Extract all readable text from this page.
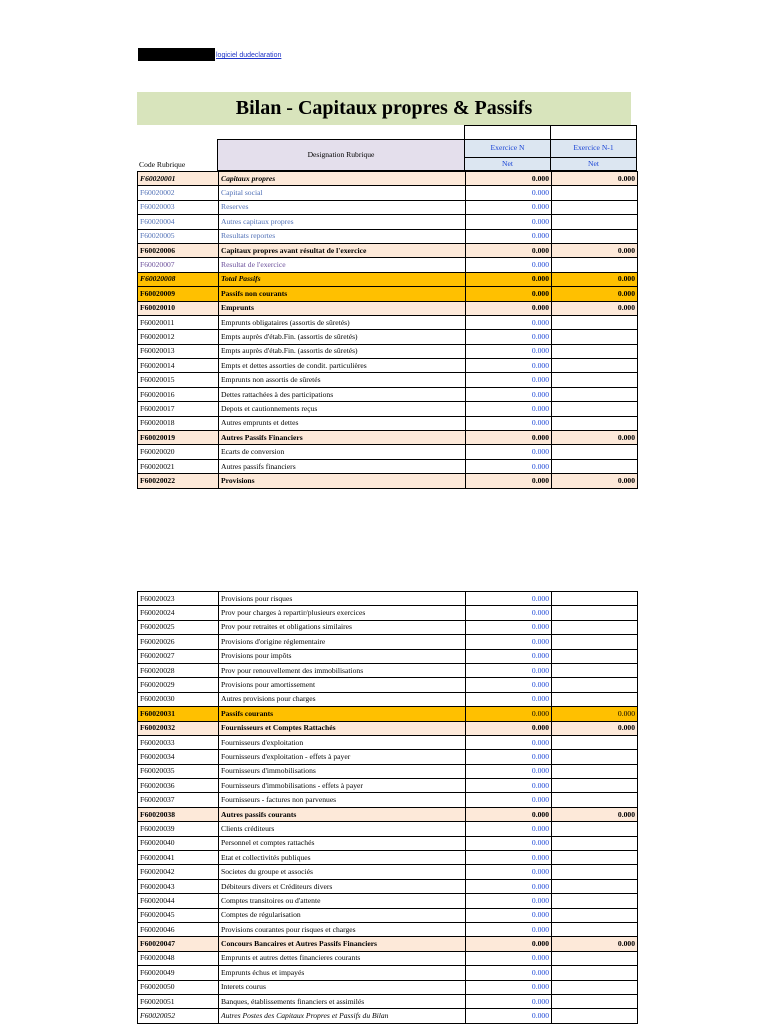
logiciel dudeclaration
Bilan - Capitaux propres & Passifs
Code Rubrique			
	Designation Rubrique	Exercice N	Exercice N-1
		Net	Net
F60020001	Capitaux propres	0.000	0.000
F60020002	Capital social	0.000	
F60020003	Reserves	0.000	
F60020004	Autres capitaux propres	0.000	
F60020005	Resultats reportes	0.000	
F60020006	Capitaux propres avant résultat de l'exercice	0.000	0.000
F60020007	Resultat de l'exercice	0.000	
F60020008	Total Passifs	0.000	0.000
F60020009	Passifs non courants	0.000	0.000
F60020010	Emprunts	0.000	0.000
F60020011	Emprunts obligataires (assortis de sûretés)	0.000	
F60020012	Empts auprès d'étab.Fin. (assortis de sûretés)	0.000	
F60020013	Empts auprès d'étab.Fin. (assortis de sûretés)	0.000	
F60020014	Empts et dettes assorties de condit. particulières	0.000	
F60020015	Emprunts non assortis de sûretés	0.000	
F60020016	Dettes rattachées à des participations	0.000	
F60020017	Depots et cautionnements reçus	0.000	
F60020018	Autres emprunts et dettes	0.000	
F60020019	Autres Passifs Financiers	0.000	0.000
F60020020	Ecarts de conversion	0.000	
F60020021	Autres passifs financiers	0.000	
F60020022	Provisions	0.000	0.000
F60020023	Provisions pour risques	0.000	
F60020024	Prov pour charges à repartir/plusieurs exercices	0.000	
F60020025	Prov pour retraites et obligations similaires	0.000	
F60020026	Provisions d'origine réglementaire	0.000	
F60020027	Provisions pour impôts	0.000	
F60020028	Prov pour renouvellement des immobilisations	0.000	
F60020029	Provisions pour amortissement	0.000	
F60020030	Autres provisions pour charges	0.000	
F60020031	Passifs courants	0.000	0.000
F60020032	Fournisseurs et Comptes Rattachés	0.000	0.000
F60020033	Fournisseurs d'exploitation	0.000	
F60020034	Fournisseurs d'exploitation - effets à payer	0.000	
F60020035	Fournisseurs d'immobilisations	0.000	
F60020036	Fournisseurs d'immobilisations - effets à payer	0.000	
F60020037	Fournisseurs - factures non parvenues	0.000	
F60020038	Autres passifs courants	0.000	0.000
F60020039	Clients créditeurs	0.000	
F60020040	Personnel et comptes rattachés	0.000	
F60020041	Etat et collectivités publiques	0.000	
F60020042	Societes du groupe et associés	0.000	
F60020043	Débiteurs divers et Créditeurs divers	0.000	
F60020044	Comptes transitoires ou d'attente	0.000	
F60020045	Comptes de régularisation	0.000	
F60020046	Provisions courantes pour risques et charges	0.000	
F60020047	Concours Bancaires et Autres Passifs Financiers	0.000	0.000
F60020048	Emprunts et autres dettes financieres courants	0.000	
F60020049	Emprunts échus et impayés	0.000	
F60020050	Interets courus	0.000	
F60020051	Banques, établissements financiers et assimilés	0.000	
F60020052	Autres Postes des Capitaux Propres et Passifs du Bilan	0.000	
